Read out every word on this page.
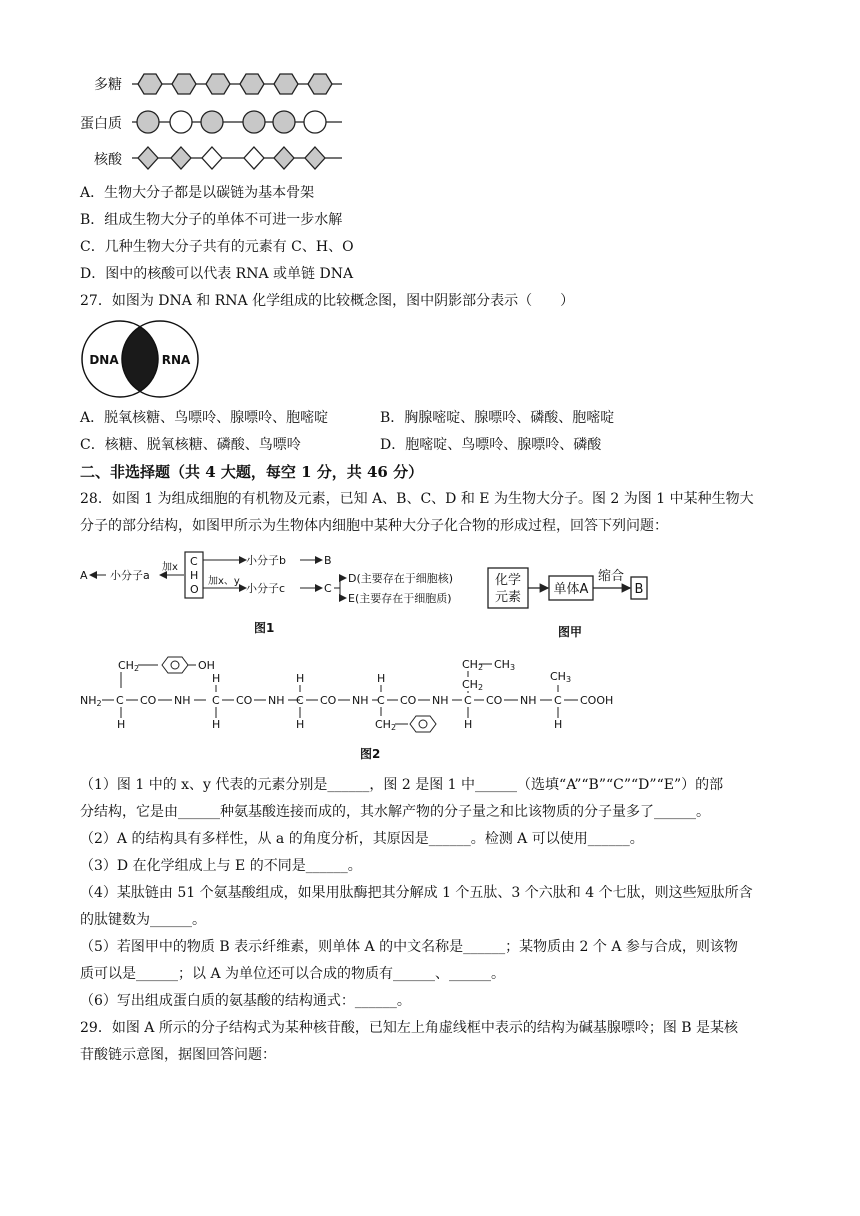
多糖
蛋白质
核酸
A．生物大分子都是以碳链为基本骨架
B．组成生物大分子的单体不可进一步水解
C．几种生物大分子共有的元素有 C、H、O
D．图中的核酸可以代表 RNA 或单链 DNA
27．如图为 DNA 和 RNA 化学组成的比较概念图，图中阴影部分表示（　　）
DNA	RNA
A．脱氧核糖、鸟嘌呤、腺嘌呤、胞嘧啶	B．胸腺嘧啶、腺嘌呤、磷酸、胞嘧啶
C．核糖、脱氧核糖、磷酸、鸟嘌呤	D．胞嘧啶、鸟嘌呤、腺嘌呤、磷酸
二、非选择题（共 4 大题，每空 1 分，共 46 分）
28．如图 1 为组成细胞的有机物及元素，已知 A、B、C、D 和 E 为生物大分子。图 2 为图 1 中某种生物大
分子的部分结构，如图甲所示为生物体内细胞中某种大分子化合物的形成过程，回答下列问题：
A 小分子a
加x C
H
O
小分子b	B
加x、y
小分子c	C
D(主要存在于细胞核)
E(主要存在于细胞质)
图1
化学
元素
单体A
缩合
B
图甲
CH2	OH
NH2 C
H
CO NH
H
C
H
CO NH
H
C
H
CO NH
H
C
CH2
CO NH
CH2 CH3
CH2
C
H
CO NH
CH3
C
H
COOH
图2
（1）图 1 中的 x、y 代表的元素分别是______，图 2 是图 1 中______（选填“A”“B”“C”“D”“E”）的部
分结构，它是由______种氨基酸连接而成的，其水解产物的分子量之和比该物质的分子量多了______。
（2）A 的结构具有多样性，从 a 的角度分析，其原因是______。检测 A 可以使用______。
（3）D 在化学组成上与 E 的不同是______。
（4）某肽链由 51 个氨基酸组成，如果用肽酶把其分解成 1 个五肽、3 个六肽和 4 个七肽，则这些短肽所含
的肽键数为______。
（5）若图甲中的物质 B 表示纤维素，则单体 A 的中文名称是______；某物质由 2 个 A 参与合成，则该物
质可以是______；以 A 为单位还可以合成的物质有______、______。
（6）写出组成蛋白质的氨基酸的结构通式：______。
29．如图 A 所示的分子结构式为某种核苷酸，已知左上角虚线框中表示的结构为碱基腺嘌呤；图 B 是某核
苷酸链示意图，据图回答问题：
